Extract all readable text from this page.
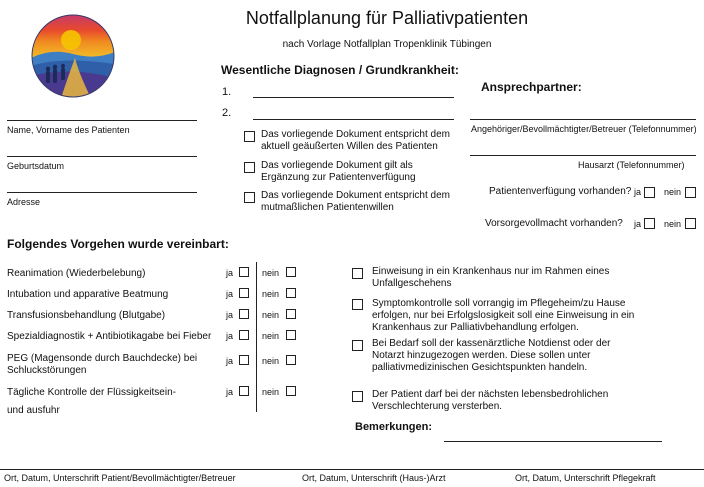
Notfallplanung für Palliativpatienten
nach Vorlage Notfallplan Tropenklinik Tübingen
Wesentliche Diagnosen / Grundkrankheit:
1.
2.
Name, Vorname des Patienten
Geburtsdatum
Adresse
Das vorliegende Dokument entspricht dem aktuell geäußerten Willen des Patienten
Das vorliegende Dokument gilt als Ergänzung zur Patientenverfügung
Das vorliegende Dokument entspricht dem mutmaßlichen Patientenwillen
Ansprechpartner:
Angehöriger/Bevollmächtigter/Betreuer (Telefonnummer)
Hausarzt (Telefonnummer)
Patientenverfügung vorhanden? ja	nein
Vorsorgevollmacht vorhanden? ja	nein
Folgendes Vorgehen wurde vereinbart:
Reanimation (Wiederbelebung)	ja	nein
Intubation und apparative Beatmung	ja	nein
Transfusionsbehandlung (Blutgabe)	ja	nein
Spezialdiagnostik + Antibiotikagabe bei Fieber ja	nein
PEG (Magensonde durch Bauchdecke) bei Schluckstörungen
ja	nein
Tägliche Kontrolle der Flüssigkeitsein-
und ausfuhr
ja	nein
Einweisung in ein Krankenhaus nur im Rahmen eines Unfallgeschehens
Symptomkontrolle soll vorrangig im Pflegeheim/zu Hause erfolgen, nur bei Erfolgslosigkeit soll eine Einweisung in ein Krankenhaus zur Palliativbehandlung erfolgen.
Bei Bedarf soll der kassenärztliche Notdienst oder der Notarzt hinzugezogen werden. Diese sollen unter palliativmedizinischen Gesichtspunkten handeln.
Der Patient darf bei der nächsten lebensbedrohlichen Verschlechterung versterben.
Bemerkungen:
Ort, Datum, Unterschrift Patient/Bevollmächtigter/Betreuer	Ort, Datum, Unterschrift (Haus-)Arzt	Ort, Datum, Unterschrift Pflegekraft
